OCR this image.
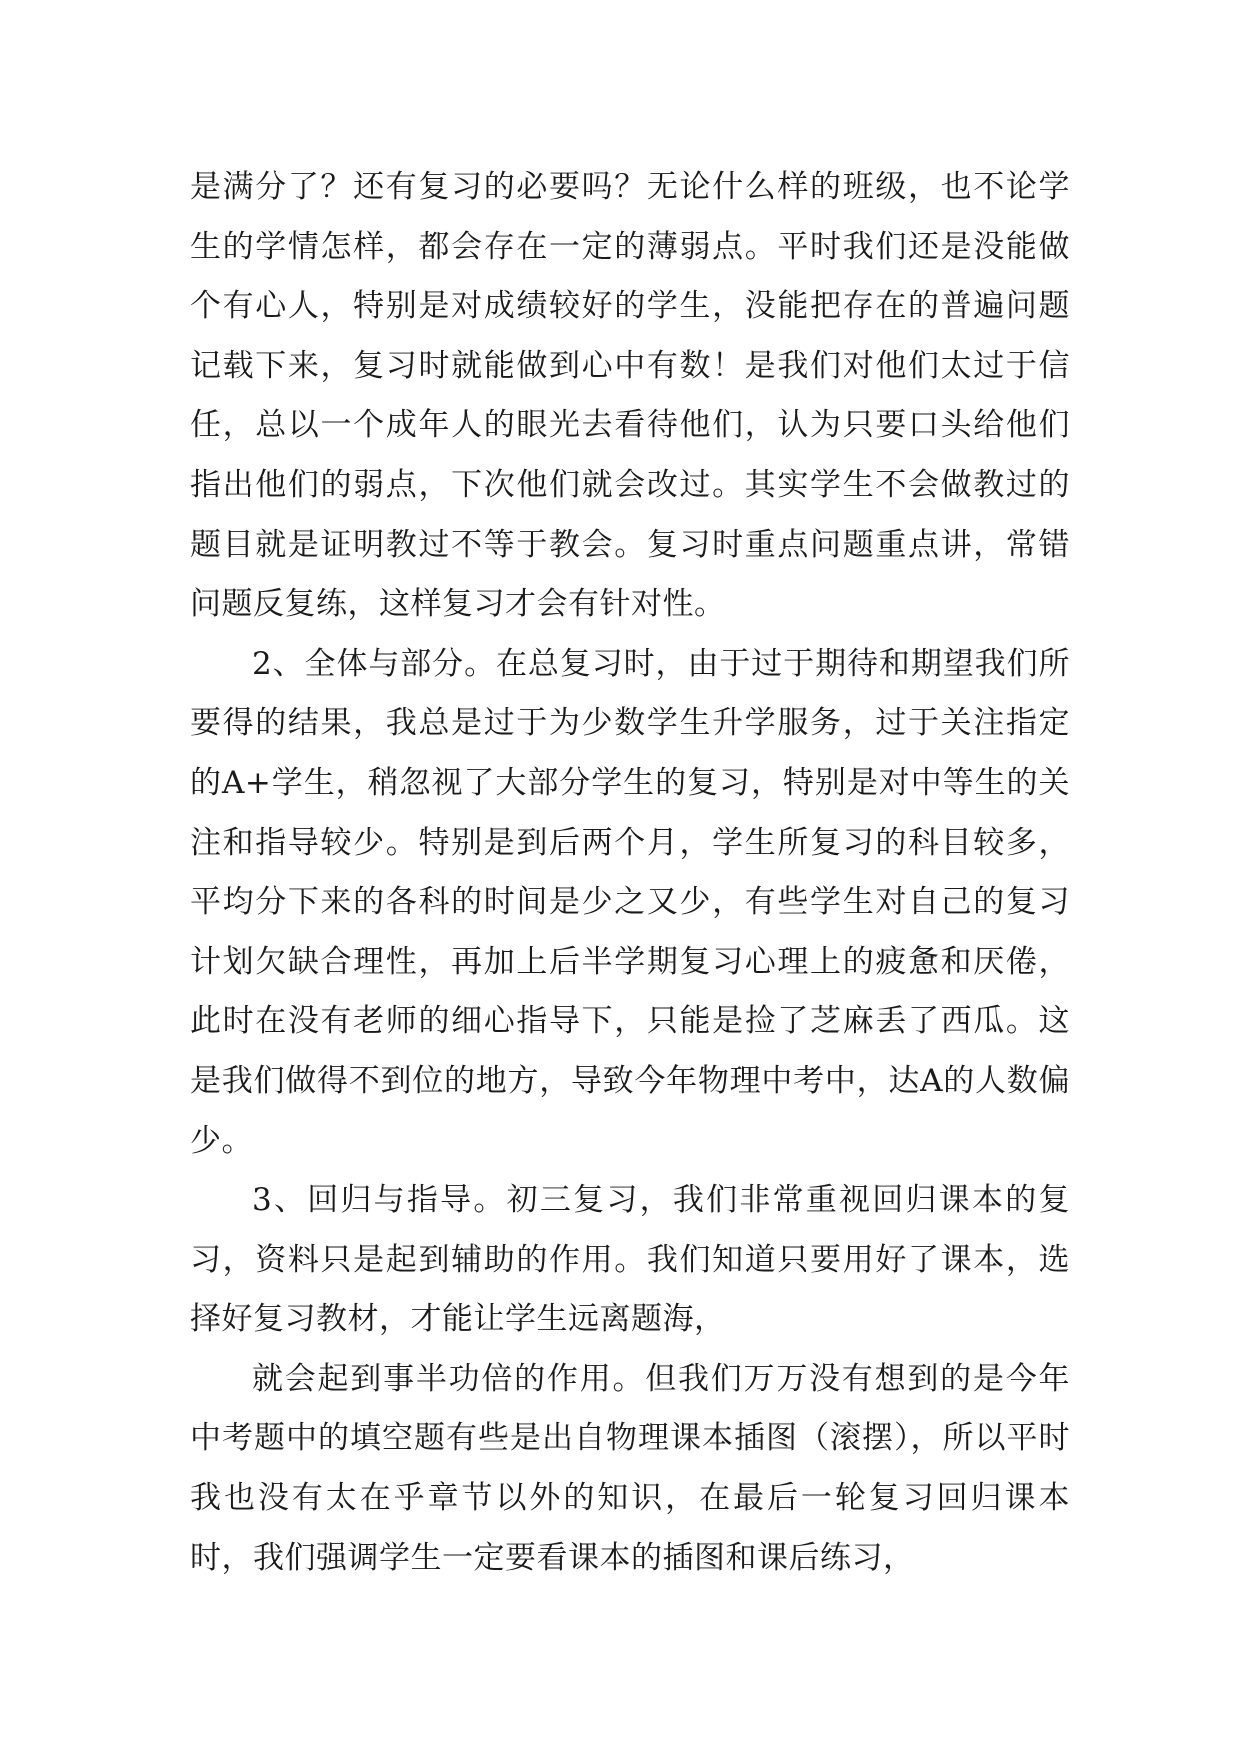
是满分了？还有复习的必要吗？无论什么样的班级，也不论学生的学情怎样，都会存在一定的薄弱点。平时我们还是没能做个有心人，特别是对成绩较好的学生，没能把存在的普遍问题记载下来，复习时就能做到心中有数！是我们对他们太过于信任，总以一个成年人的眼光去看待他们，认为只要口头给他们指出他们的弱点，下次他们就会改过。其实学生不会做教过的题目就是证明教过不等于教会。复习时重点问题重点讲，常错问题反复练，这样复习才会有针对性。

2、全体与部分。在总复习时，由于过于期待和期望我们所要得的结果，我总是过于为少数学生升学服务，过于关注指定的A+学生，稍忽视了大部分学生的复习，特别是对中等生的关注和指导较少。特别是到后两个月，学生所复习的科目较多，平均分下来的各科的时间是少之又少，有些学生对自己的复习计划欠缺合理性，再加上后半学期复习心理上的疲惫和厌倦，此时在没有老师的细心指导下，只能是捡了芝麻丢了西瓜。这是我们做得不到位的地方，导致今年物理中考中，达A的人数偏少。

3、回归与指导。初三复习，我们非常重视回归课本的复习，资料只是起到辅助的作用。我们知道只要用好了课本，选择好复习教材，才能让学生远离题海，

就会起到事半功倍的作用。但我们万万没有想到的是今年中考题中的填空题有些是出自物理课本插图（滚摆），所以平时我也没有太在乎章节以外的知识，在最后一轮复习回归课本时，我们强调学生一定要看课本的插图和课后练习，
